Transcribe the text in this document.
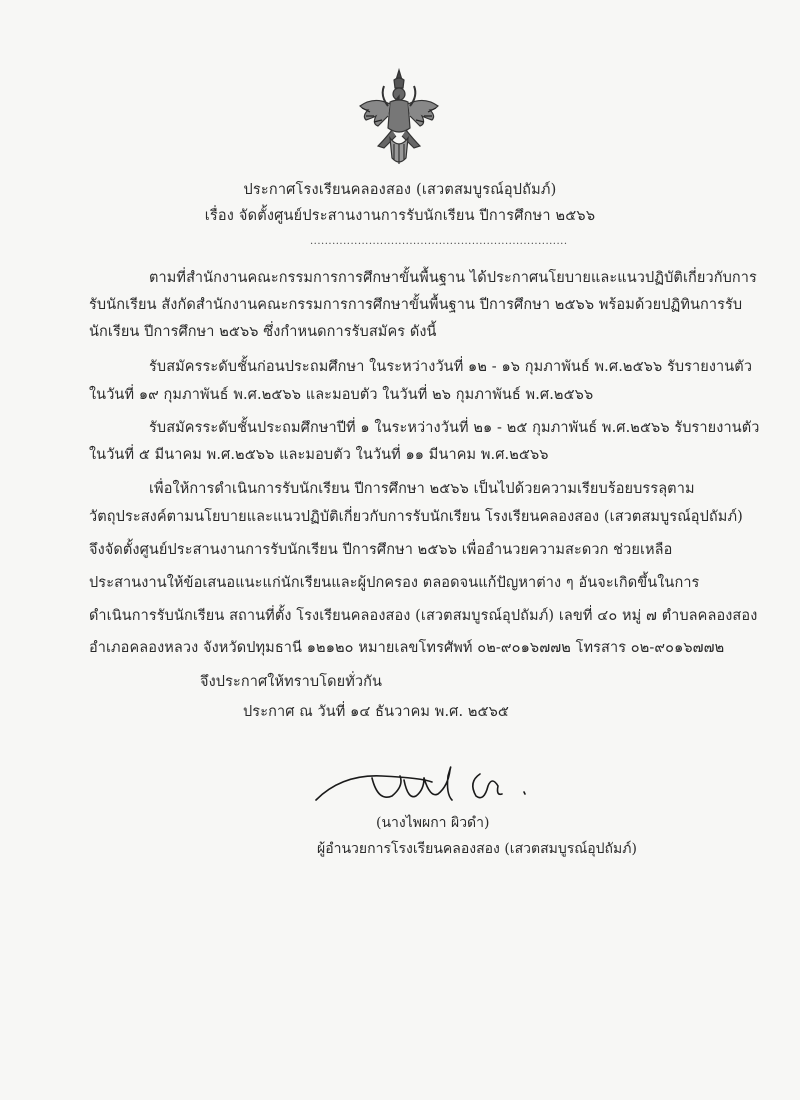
ประกาศโรงเรียนคลองสอง (เสวตสมบูรณ์อุปถัมภ์)
เรื่อง จัดตั้งศูนย์ประสานงานการรับนักเรียน ปีการศึกษา ๒๕๖๖
......................................................................
ตามที่สำนักงานคณะกรรมการการศึกษาขั้นพื้นฐาน ได้ประกาศนโยบายและแนวปฏิบัติเกี่ยวกับการ
รับนักเรียน สังกัดสำนักงานคณะกรรมการการศึกษาขั้นพื้นฐาน ปีการศึกษา ๒๕๖๖ พร้อมด้วยปฏิทินการรับ
นักเรียน ปีการศึกษา ๒๕๖๖ ซึ่งกำหนดการรับสมัคร ดังนี้
รับสมัครระดับชั้นก่อนประถมศึกษา ในระหว่างวันที่ ๑๒ - ๑๖ กุมภาพันธ์ พ.ศ.๒๕๖๖ รับรายงานตัว
ในวันที่ ๑๙ กุมภาพันธ์ พ.ศ.๒๕๖๖ และมอบตัว ในวันที่ ๒๖ กุมภาพันธ์ พ.ศ.๒๕๖๖
รับสมัครระดับชั้นประถมศึกษาปีที่ ๑ ในระหว่างวันที่ ๒๑ - ๒๕ กุมภาพันธ์ พ.ศ.๒๕๖๖ รับรายงานตัว
ในวันที่ ๕ มีนาคม พ.ศ.๒๕๖๖ และมอบตัว ในวันที่ ๑๑ มีนาคม พ.ศ.๒๕๖๖
เพื่อให้การดำเนินการรับนักเรียน ปีการศึกษา ๒๕๖๖ เป็นไปด้วยความเรียบร้อยบรรลุตาม
วัตถุประสงค์ตามนโยบายและแนวปฏิบัติเกี่ยวกับการรับนักเรียน โรงเรียนคลองสอง (เสวตสมบูรณ์อุปถัมภ์)
จึงจัดตั้งศูนย์ประสานงานการรับนักเรียน ปีการศึกษา ๒๕๖๖ เพื่ออำนวยความสะดวก ช่วยเหลือ
ประสานงานให้ข้อเสนอแนะแก่นักเรียนและผู้ปกครอง ตลอดจนแก้ปัญหาต่าง ๆ อันจะเกิดขึ้นในการ
ดำเนินการรับนักเรียน สถานที่ตั้ง โรงเรียนคลองสอง (เสวตสมบูรณ์อุปถัมภ์) เลขที่ ๔๐ หมู่ ๗ ตำบลคลองสอง
อำเภอคลองหลวง จังหวัดปทุมธานี ๑๒๑๒๐ หมายเลขโทรศัพท์ ๐๒-๙๐๑๖๗๗๒ โทรสาร ๐๒-๙๐๑๖๗๗๒
จึงประกาศให้ทราบโดยทั่วกัน
ประกาศ ณ วันที่ ๑๔ ธันวาคม พ.ศ. ๒๕๖๕
(นางไพผกา ผิวดำ)
ผู้อำนวยการโรงเรียนคลองสอง (เสวตสมบูรณ์อุปถัมภ์)
